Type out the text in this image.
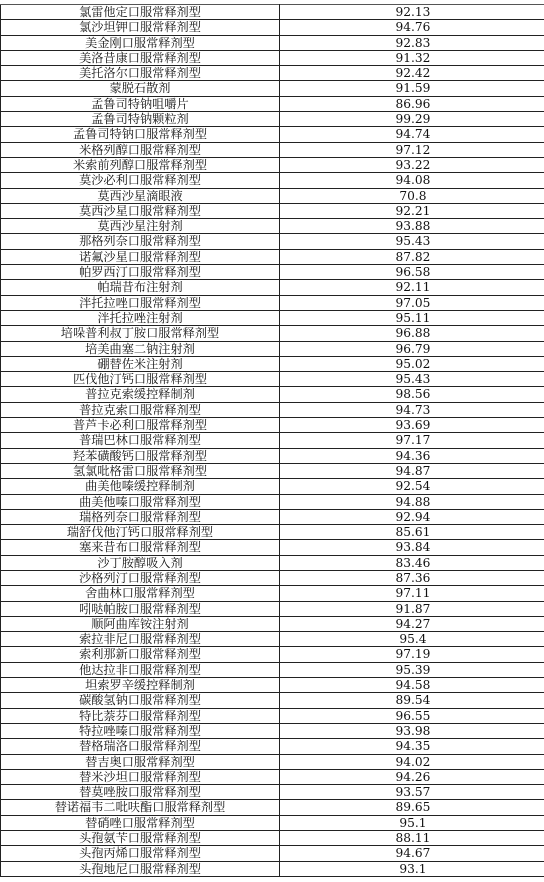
氯雷他定口服常释剂型	92.13
氯沙坦钾口服常释剂型	94.76
美金刚口服常释剂型	92.83
美洛昔康口服常释剂型	91.32
美托洛尔口服常释剂型	92.42
蒙脱石散剂	91.59
孟鲁司特钠咀嚼片	86.96
孟鲁司特钠颗粒剂	99.29
孟鲁司特钠口服常释剂型	94.74
米格列醇口服常释剂型	97.12
米索前列醇口服常释剂型	93.22
莫沙必利口服常释剂型	94.08
莫西沙星滴眼液	70.8
莫西沙星口服常释剂型	92.21
莫西沙星注射剂	93.88
那格列奈口服常释剂型	95.43
诺氟沙星口服常释剂型	87.82
帕罗西汀口服常释剂型	96.58
帕瑞昔布注射剂	92.11
泮托拉唑口服常释剂型	97.05
泮托拉唑注射剂	95.11
培哚普利叔丁胺口服常释剂型	96.88
培美曲塞二钠注射剂	96.79
硼替佐米注射剂	95.02
匹伐他汀钙口服常释剂型	95.43
普拉克索缓控释制剂	98.56
普拉克索口服常释剂型	94.73
普芦卡必利口服常释剂型	93.69
普瑞巴林口服常释剂型	97.17
羟苯磺酸钙口服常释剂型	94.36
氢氯吡格雷口服常释剂型	94.87
曲美他嗪缓控释制剂	92.54
曲美他嗪口服常释剂型	94.88
瑞格列奈口服常释剂型	92.94
瑞舒伐他汀钙口服常释剂型	85.61
塞来昔布口服常释剂型	93.84
沙丁胺醇吸入剂	83.46
沙格列汀口服常释剂型	87.36
舍曲林口服常释剂型	97.11
吲哒帕胺口服常释剂型	91.87
顺阿曲库铵注射剂	94.27
索拉非尼口服常释剂型	95.4
索利那新口服常释剂型	97.19
他达拉非口服常释剂型	95.39
坦索罗辛缓控释制剂	94.58
碳酸氢钠口服常释剂型	89.54
特比萘芬口服常释剂型	96.55
特拉唑嗪口服常释剂型	93.98
替格瑞洛口服常释剂型	94.35
替吉奥口服常释剂型	94.02
替米沙坦口服常释剂型	94.26
替莫唑胺口服常释剂型	93.57
替诺福韦二吡呋酯口服常释剂型	89.65
替硝唑口服常释剂型	95.1
头孢氨苄口服常释剂型	88.11
头孢丙烯口服常释剂型	94.67
头孢地尼口服常释剂型	93.1
